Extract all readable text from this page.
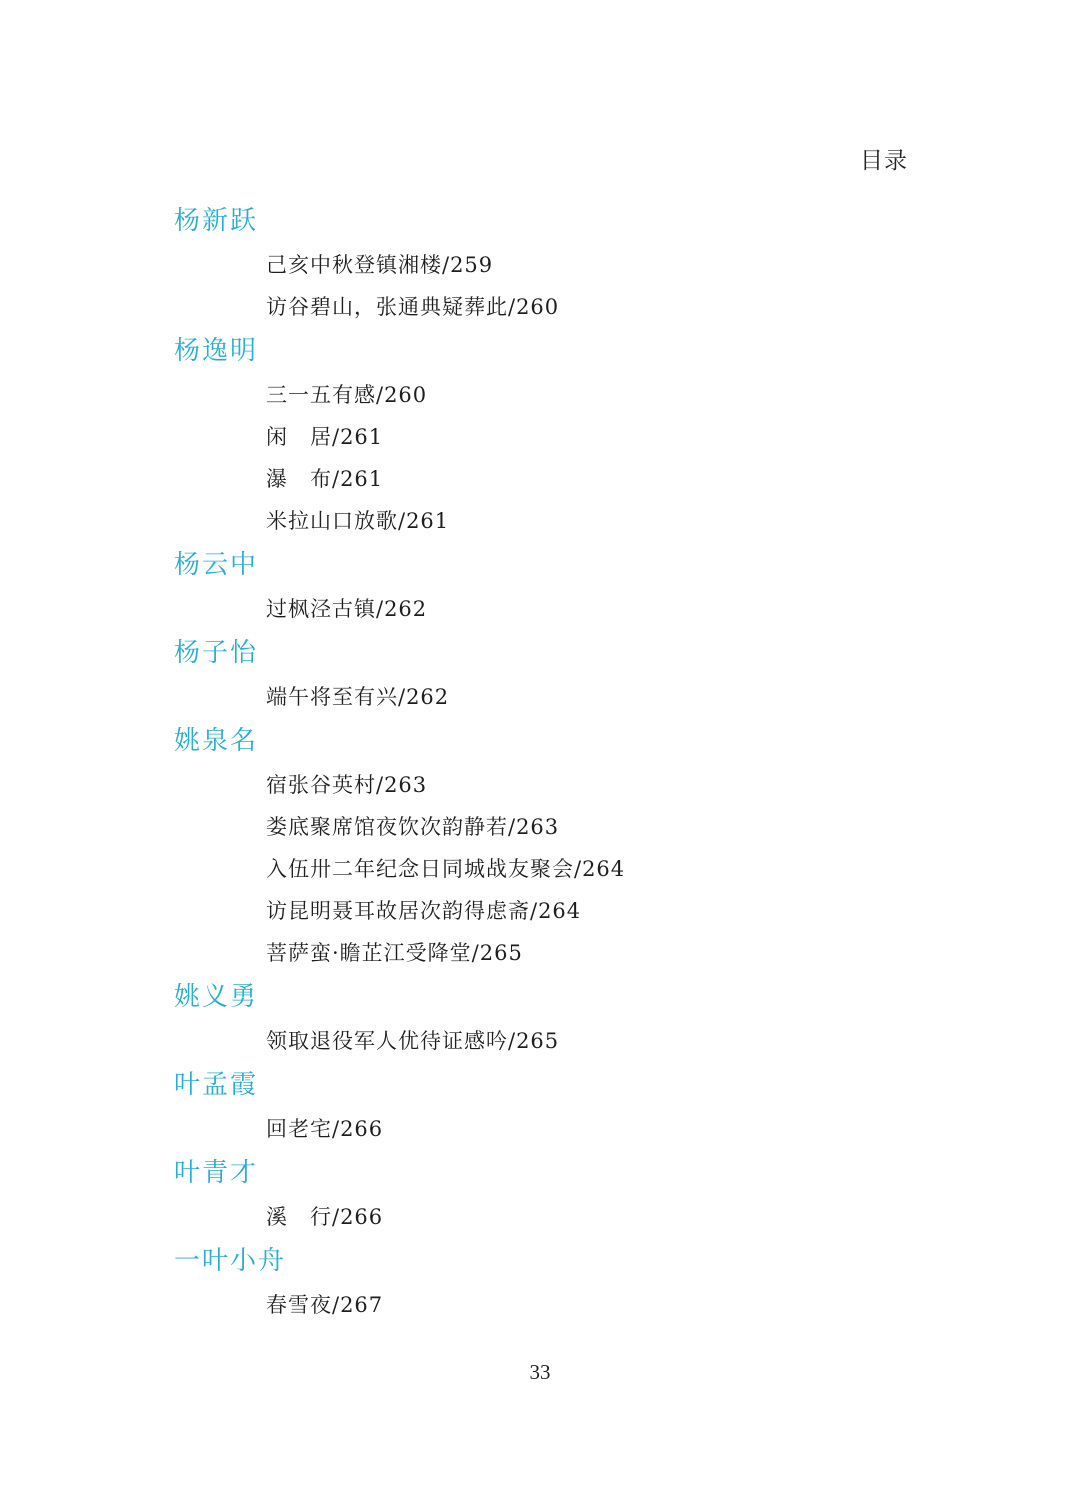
目录
杨新跃
己亥中秋登镇湘楼/259
访谷碧山，张通典疑葬此/260
杨逸明
三一五有感/260
闲　居/261
瀑　布/261
米拉山口放歌/261
杨云中
过枫泾古镇/262
杨子怡
端午将至有兴/262
姚泉名
宿张谷英村/263
娄底聚席馆夜饮次韵静若/263
入伍卅二年纪念日同城战友聚会/264
访昆明聂耳故居次韵得虑斋/264
菩萨蛮·瞻芷江受降堂/265
姚义勇
领取退役军人优待证感吟/265
叶孟霞
回老宅/266
叶青才
溪　行/266
一叶小舟
春雪夜/267
33
